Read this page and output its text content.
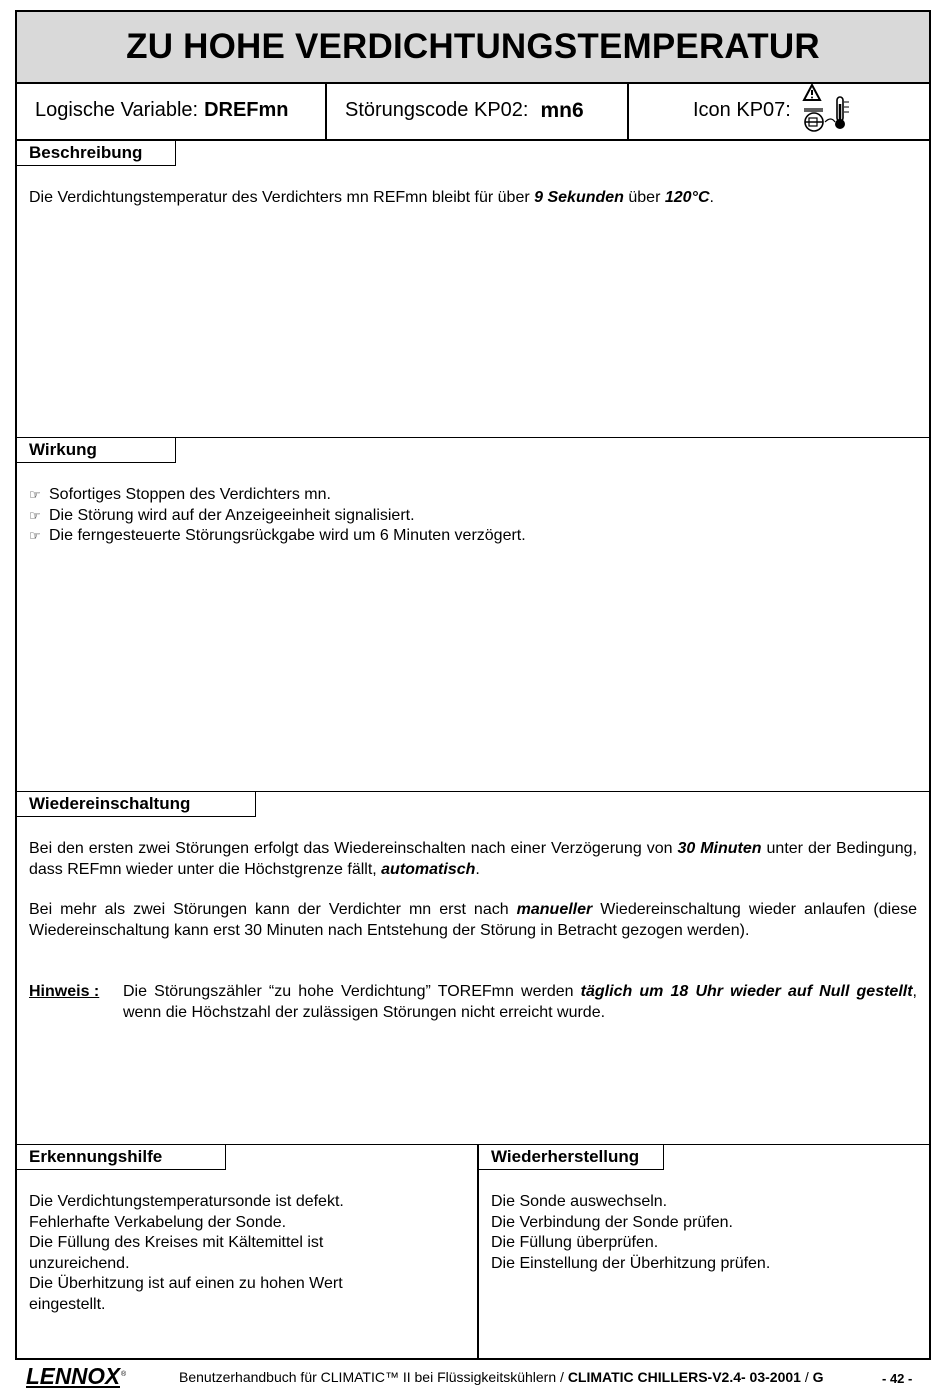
ZU HOHE VERDICHTUNGSTEMPERATUR
Logische Variable: DREFmn	Störungscode KP02: mn6	Icon KP07:
Beschreibung
Die Verdichtungstemperatur des Verdichters mn REFmn bleibt für über 9 Sekunden über 120°C.
Wirkung
☞ Sofortiges Stoppen des Verdichters mn.
☞ Die Störung wird auf der Anzeigeeinheit signalisiert.
☞ Die ferngesteuerte Störungsrückgabe wird um 6 Minuten verzögert.
Wiedereinschaltung

Bei den ersten zwei Störungen erfolgt das Wiedereinschalten nach einer Verzögerung von 30 Minuten unter der Bedingung, dass REFmn wieder unter die Höchstgrenze fällt, automatisch.

Bei mehr als zwei Störungen kann der Verdichter mn erst nach manueller Wiedereinschaltung wieder anlaufen (diese Wiedereinschaltung kann erst 30 Minuten nach Entstehung der Störung in Betracht gezogen werden).

Hinweis :	Die Störungszähler “zu hohe Verdichtung” TOREFmn werden täglich um 18 Uhr wieder auf Null gestellt, wenn die Höchstzahl der zulässigen Störungen nicht erreicht wurde.
Erkennungshilfe

Die Verdichtungstemperatursonde ist defekt.

Fehlerhafte Verkabelung der Sonde.

Die Füllung des Kreises mit Kältemittel ist

unzureichend.

Die Überhitzung ist auf einen zu hohen Wert

eingestellt.

Wiederherstellung

Die Sonde auswechseln.

Die Verbindung der Sonde prüfen.

Die Füllung überprüfen.

Die Einstellung der Überhitzung prüfen.

LENNOX ®	Benutzerhandbuch für CLIMATIC™ II bei Flüssigkeitskühlern / CLIMATIC CHILLERS-V2.4- 03-2001 / G	- 42 -
